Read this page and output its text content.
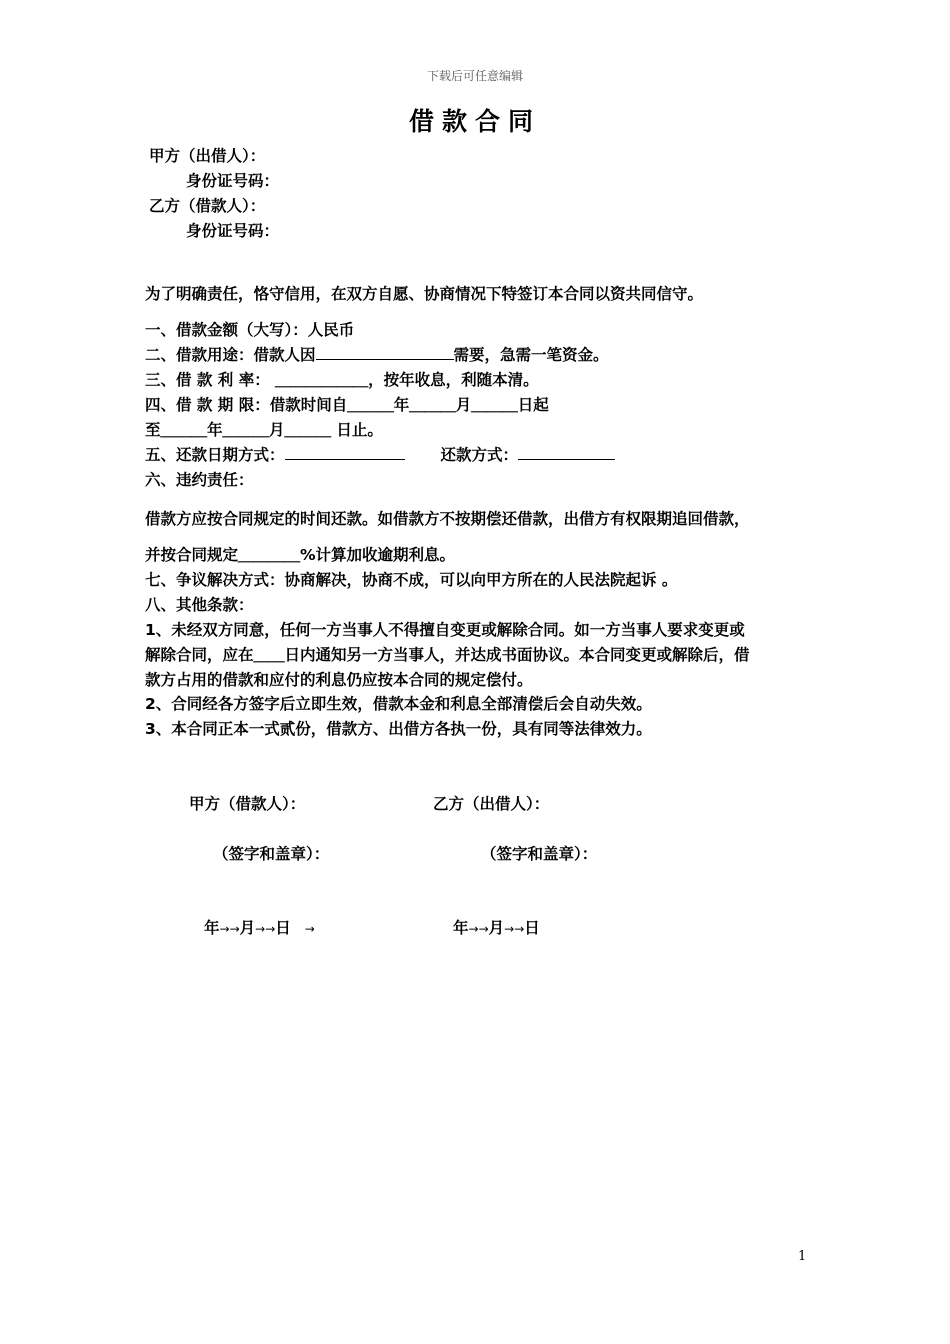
下载后可任意编辑
借款合同
甲方（出借人）：
身份证号码：
乙方（借款人）：
身份证号码：
为了明确责任，恪守信用，在双方自愿、协商情况下特签订本合同以资共同信守。
一、借款金额（大写）：人民币
二、借款用途：借款人因	需要，急需一笔资金。
三、借 款 利 率： ＿＿＿＿＿＿，按年收息，利随本清。
四、借 款 期 限：借款时间自＿＿＿年＿＿＿月＿＿＿日起
至＿＿＿年＿＿＿月＿＿＿ 日止。
五、还款日期方式：	还款方式：
六、违约责任：
借款方应按合同规定的时间还款。如借款方不按期偿还借款，出借方有权限期追回借款，
并按合同规定＿＿＿＿%计算加收逾期利息。
七、争议解决方式：协商解决，协商不成，可以向甲方所在的人民法院起诉 。
八、其他条款：
1、未经双方同意，任何一方当事人不得擅自变更或解除合同。如一方当事人要求变更或
解除合同，应在＿＿日内通知另一方当事人，并达成书面协议。本合同变更或解除后，借
款方占用的借款和应付的利息仍应按本合同的规定偿付。
2、合同经各方签字后立即生效，借款本金和利息全部清偿后会自动失效。
3、本合同正本一式贰份，借款方、出借方各执一份，具有同等法律效力。
甲方（借款人）：	乙方（出借人）：
（签字和盖章）：	（签字和盖章）：
年→→月→→日 →	年→→月→→日
1
